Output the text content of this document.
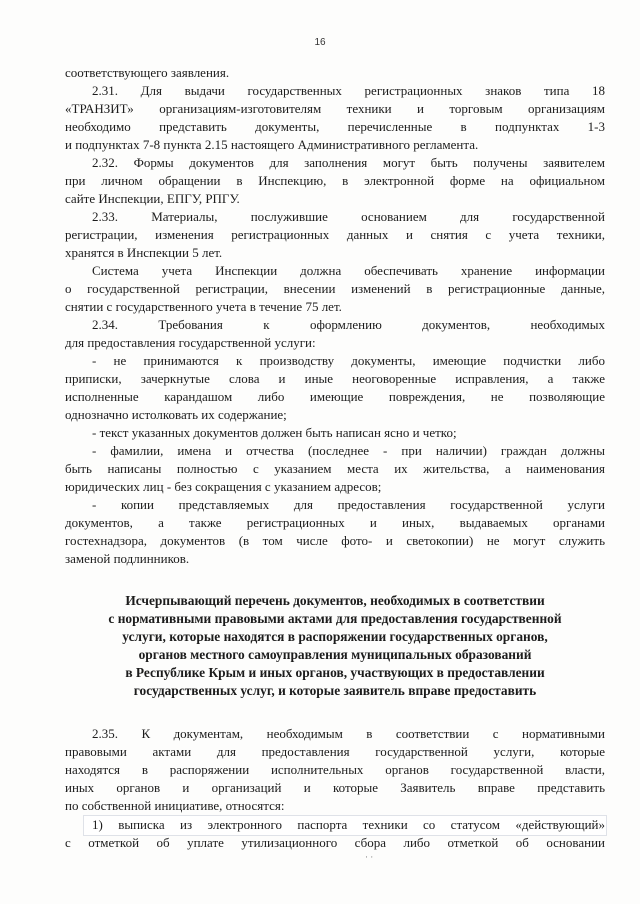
16
соответствующего заявления.
2.31. Для выдачи государственных регистрационных знаков типа 18
«ТРАНЗИТ» организациям-изготовителям техники и торговым организациям
необходимо представить документы, перечисленные в подпунктах 1-3
и подпунктах 7-8 пункта 2.15 настоящего Административного регламента.
2.32. Формы документов для заполнения могут быть получены заявителем
при личном обращении в Инспекцию, в электронной форме на официальном
сайте Инспекции, ЕПГУ, РПГУ.
2.33. Материалы, послужившие основанием для государственной
регистрации, изменения регистрационных данных и снятия с учета техники,
хранятся в Инспекции 5 лет.
Система учета Инспекции должна обеспечивать хранение информации
о государственной регистрации, внесении изменений в регистрационные данные,
снятии с государственного учета в течение 75 лет.
2.34. Требования к оформлению документов, необходимых
для предоставления государственной услуги:
- не принимаются к производству документы, имеющие подчистки либо
приписки, зачеркнутые слова и иные неоговоренные исправления, а также
исполненные карандашом либо имеющие повреждения, не позволяющие
однозначно истолковать их содержание;
- текст указанных документов должен быть написан ясно и четко;
- фамилии, имена и отчества (последнее - при наличии) граждан должны
быть написаны полностью с указанием места их жительства, а наименования
юридических лиц - без сокращения с указанием адресов;
- копии представляемых для предоставления государственной услуги
документов, а также регистрационных и иных, выдаваемых органами
гостехнадзора, документов (в том числе фото- и светокопии) не могут служить
заменой подлинников.
Исчерпывающий перечень документов, необходимых в соответствии
с нормативными правовыми актами для предоставления государственной
услуги, которые находятся в распоряжении государственных органов,
органов местного самоуправления муниципальных образований
в Республике Крым и иных органов, участвующих в предоставлении
государственных услуг, и которые заявитель вправе предоставить
2.35. К документам, необходимым в соответствии с нормативными
правовыми актами для предоставления государственной услуги, которые
находятся в распоряжении исполнительных органов государственной власти,
иных органов и организаций и которые Заявитель вправе представить
по собственной инициативе, относятся:
1) выписка из электронного паспорта техники со статусом «действующий»
с отметкой об уплате утилизационного сбора либо отметкой об основании
· ·
